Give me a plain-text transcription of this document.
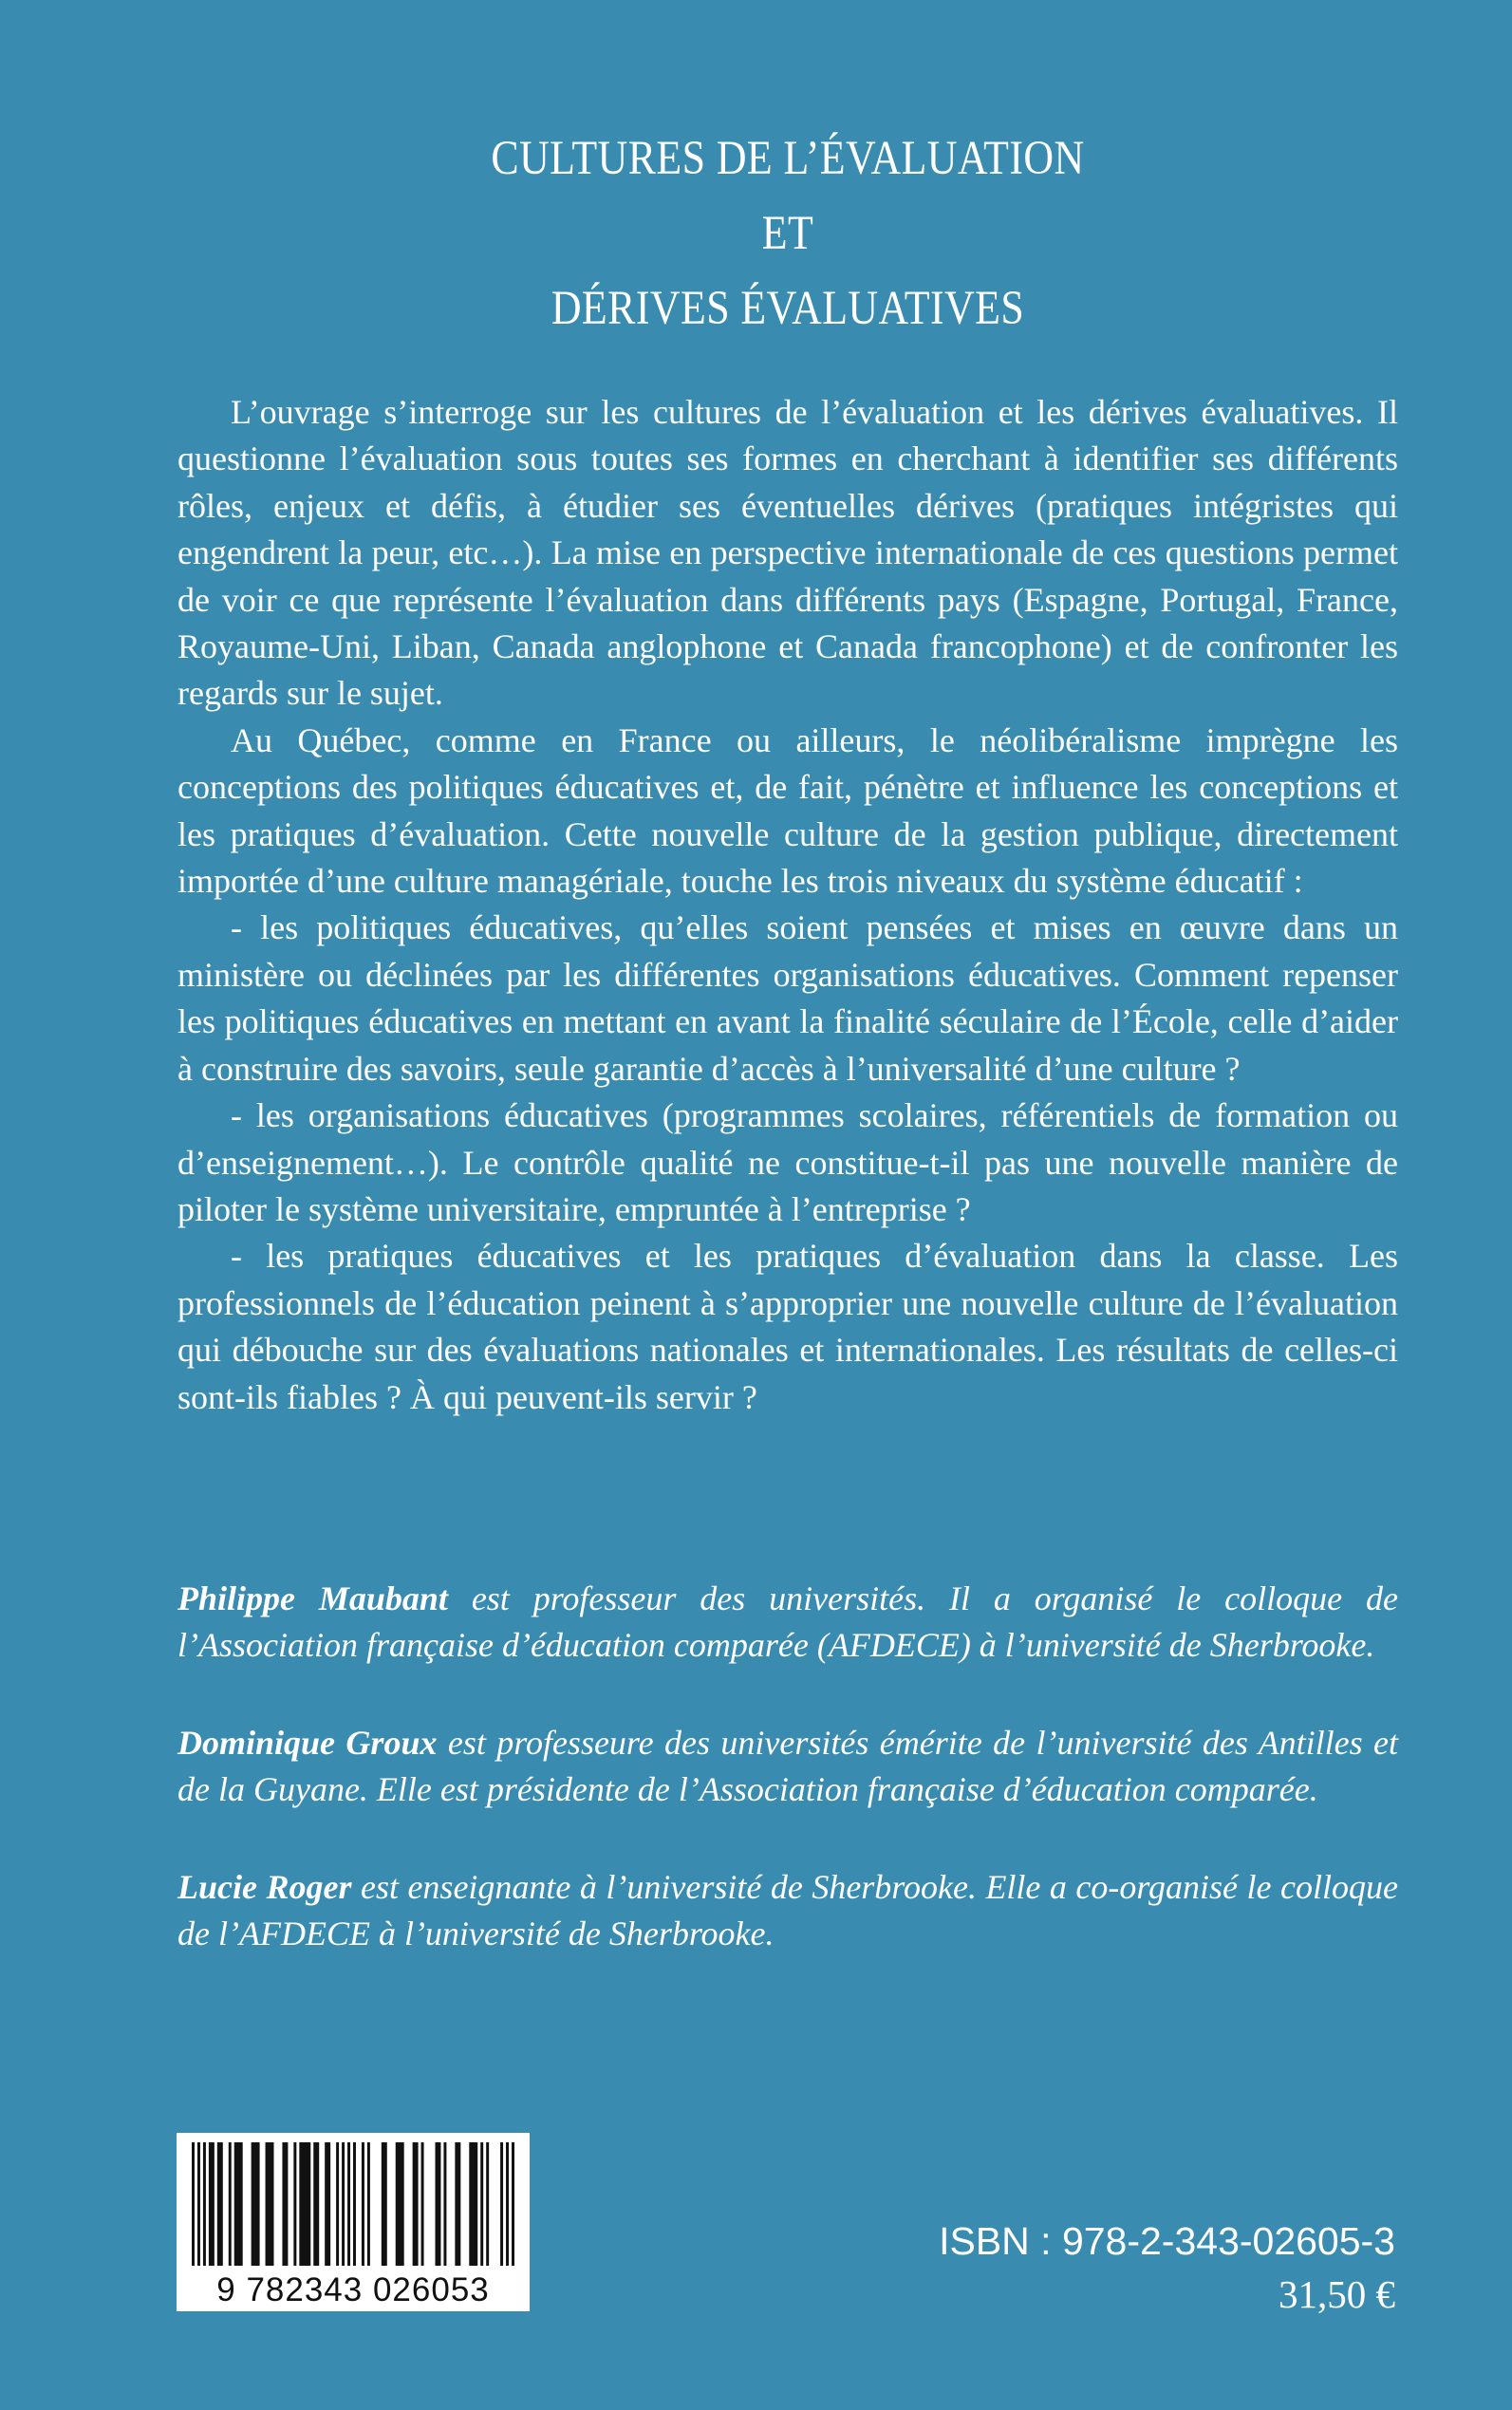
CULTURES DE L’ÉVALUATION
ET
DÉRIVES ÉVALUATIVES

L’ouvrage s’interroge sur les cultures de l’évaluation et les dérives évaluatives. Il questionne l’évaluation sous toutes ses formes en cherchant à identifier ses différents rôles, enjeux et défis, à étudier ses éventuelles dérives (pratiques intégristes qui engendrent la peur, etc…). La mise en perspective internationale de ces questions permet de voir ce que représente l’évaluation dans différents pays (Espagne, Portugal, France, Royaume-Uni, Liban, Canada anglophone et Canada francophone) et de confronter les regards sur le sujet.

Au Québec, comme en France ou ailleurs, le néolibéralisme imprègne les conceptions des politiques éducatives et, de fait, pénètre et influence les conceptions et les pratiques d’évaluation. Cette nouvelle culture de la gestion publique, directement importée d’une culture managériale, touche les trois niveaux du système éducatif :

- les politiques éducatives, qu’elles soient pensées et mises en œuvre dans un ministère ou déclinées par les différentes organisations éducatives. Comment repenser les politiques éducatives en mettant en avant la finalité séculaire de l’École, celle d’aider à construire des savoirs, seule garantie d’accès à l’universalité d’une culture ?

- les organisations éducatives (programmes scolaires, référentiels de formation ou d’enseignement…). Le contrôle qualité ne constitue-t-il pas une nouvelle manière de piloter le système universitaire, empruntée à l’entreprise ?

- les pratiques éducatives et les pratiques d’évaluation dans la classe. Les professionnels de l’éducation peinent à s’approprier une nouvelle culture de l’évaluation qui débouche sur des évaluations nationales et internationales. Les résultats de celles-ci sont-ils fiables ? À qui peuvent-ils servir ?

Philippe Maubant est professeur des universités. Il a organisé le colloque de l’Association française d’éducation comparée (AFDECE) à l’université de Sherbrooke.

Dominique Groux est professeure des universités émérite de l’université des Antilles et de la Guyane. Elle est présidente de l’Association française d’éducation comparée.

Lucie Roger est enseignante à l’université de Sherbrooke. Elle a co-organisé le colloque de l’AFDECE à l’université de Sherbrooke.

9 782343 026053
ISBN : 978-2-343-02605-3
31,50 €
